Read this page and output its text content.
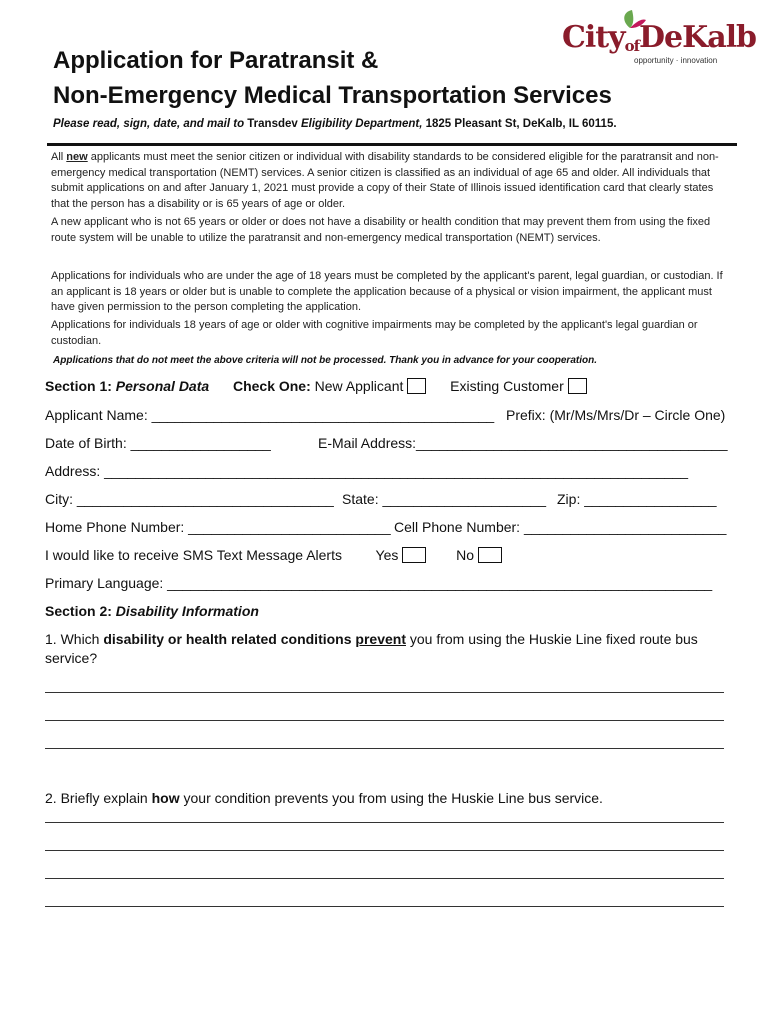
CityofDeKalb
opportunity · innovation
Application for Paratransit &
Non-Emergency Medical Transportation Services
Please read, sign, date, and mail to Transdev Eligibility Department, 1825 Pleasant St, DeKalb, IL 60115.

All new applicants must meet the senior citizen or individual with disability standards to be considered eligible for the paratransit and non-emergency medical transportation (NEMT) services. A senior citizen is classified as an individual of age 65 and older. All individuals that submit applications on and after January 1, 2021 must provide a copy of their State of Illinois issued identification card that clearly states that the person has a disability or is 65 years of age or older.

A new applicant who is not 65 years or older or does not have a disability or health condition that may prevent them from using the fixed route system will be unable to utilize the paratransit and non-emergency medical transportation (NEMT) services.

Applications for individuals who are under the age of 18 years must be completed by the applicant's parent, legal guardian, or custodian. If an applicant is 18 years or older but is unable to complete the application because of a physical or vision impairment, the applicant must have given permission to the person completing the application.

Applications for individuals 18 years of age or older with cognitive impairments may be completed by the applicant's legal guardian or custodian.

Applications that do not meet the above criteria will not be processed. Thank you in advance for your cooperation.
Section 1: Personal Data Check One: New Applicant	Existing Customer
Applicant Name: ____________________________________________ Prefix: (Mr/Ms/Mrs/Dr – Circle One)
Date of Birth: __________________	E-Mail Address:________________________________________
Address: ___________________________________________________________________________
City: _________________________________ State: _____________________ Zip: _________________
Home Phone Number: __________________________ Cell Phone Number: __________________________
I would like to receive SMS Text Message Alerts Yes	No
Primary Language: ______________________________________________________________________
Section 2: Disability Information
1. Which disability or health related conditions prevent you from using the Huskie Line fixed route bus service?
2. Briefly explain how your condition prevents you from using the Huskie Line bus service.
